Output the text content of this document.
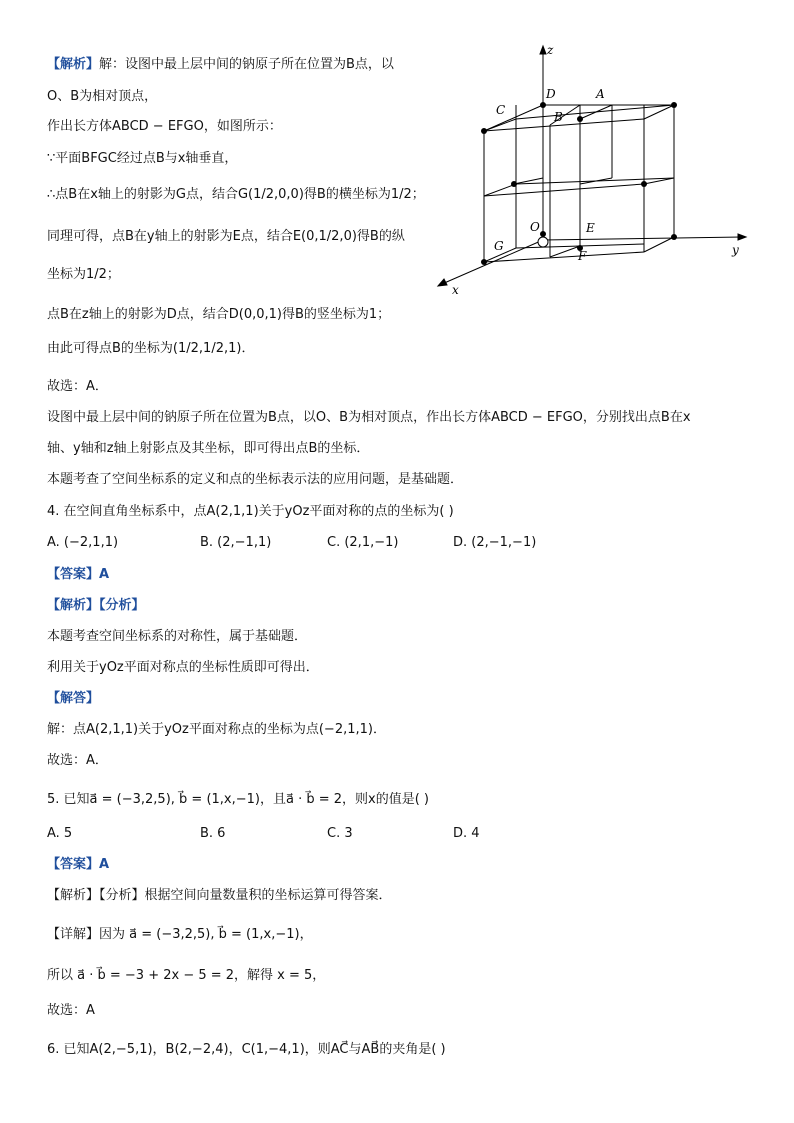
【解析】解：设图中最上层中间的钠原子所在位置为B点，以
O、B为相对顶点，
作出长方体ABCD − EFGO，如图所示：
∵平面BFGC经过点B与x轴垂直，
∴点B在x轴上的射影为G点，结合G(1/2,0,0)得B的横坐标为1/2；
同理可得，点B在y轴上的射影为E点，结合E(0,1/2,0)得B的纵
坐标为1/2；
点B在z轴上的射影为D点，结合D(0,0,1)得B的竖坐标为1；
由此可得点B的坐标为(1/2,1/2,1)．
故选：A．
设图中最上层中间的钠原子所在位置为B点，以O、B为相对顶点，作出长方体ABCD − EFGO，分别找出点B在x
轴、y轴和z轴上射影点及其坐标，即可得出点B的坐标．
本题考查了空间坐标系的定义和点的坐标表示法的应用问题，是基础题．
z
y
x
A
B
C
D
E
F
G
O
4. 在空间直角坐标系中，点A(2,1,1)关于yOz平面对称的点的坐标为( )
A. (−2,1,1)	B. (2,−1,1)	C. (2,1,−1)	D. (2,−1,−1)
【答案】A
【解析】【分析】
本题考查空间坐标系的对称性，属于基础题．
利用关于yOz平面对称点的坐标性质即可得出．
【解答】
解：点A(2,1,1)关于yOz平面对称点的坐标为点(−2,1,1)．
故选：A．
5. 已知a⃗ = (−3,2,5), b⃗ = (1,x,−1)，且a⃗ · b⃗ = 2，则x的值是( )
A. 5	B. 6	C. 3	D. 4
【答案】A
【解析】【分析】根据空间向量数量积的坐标运算可得答案．
【详解】因为 a⃗ = (−3,2,5), b⃗ = (1,x,−1)，
所以 a⃗ · b⃗ = −3 + 2x − 5 = 2，解得 x = 5，
故选：A
6. 已知A(2,−5,1)，B(2,−2,4)，C(1,−4,1)，则AC⃗与AB⃗的夹角是( )
